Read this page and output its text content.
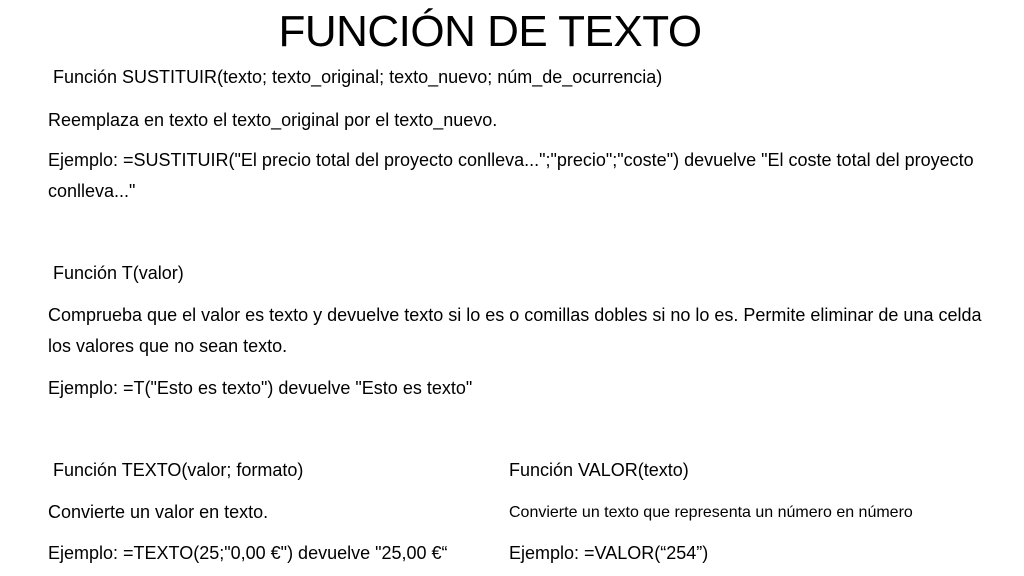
FUNCIÓN DE TEXTO
Función SUSTITUIR(texto; texto_original; texto_nuevo; núm_de_ocurrencia)
Reemplaza en texto el texto_original por el texto_nuevo.
Ejemplo: =SUSTITUIR("El precio total del proyecto conlleva...";"precio";"coste") devuelve "El coste total del proyecto conlleva..."
Función T(valor)
Comprueba que el valor es texto y devuelve texto si lo es o comillas dobles si no lo es. Permite eliminar de una celda los valores que no sean texto.
Ejemplo: =T("Esto es texto") devuelve "Esto es texto"
Función TEXTO(valor; formato)
Convierte un valor en texto.
Ejemplo: =TEXTO(25;"0,00 €") devuelve "25,00 €“
Función VALOR(texto)
Convierte un texto que representa un número en número
Ejemplo: =VALOR(“254”)
